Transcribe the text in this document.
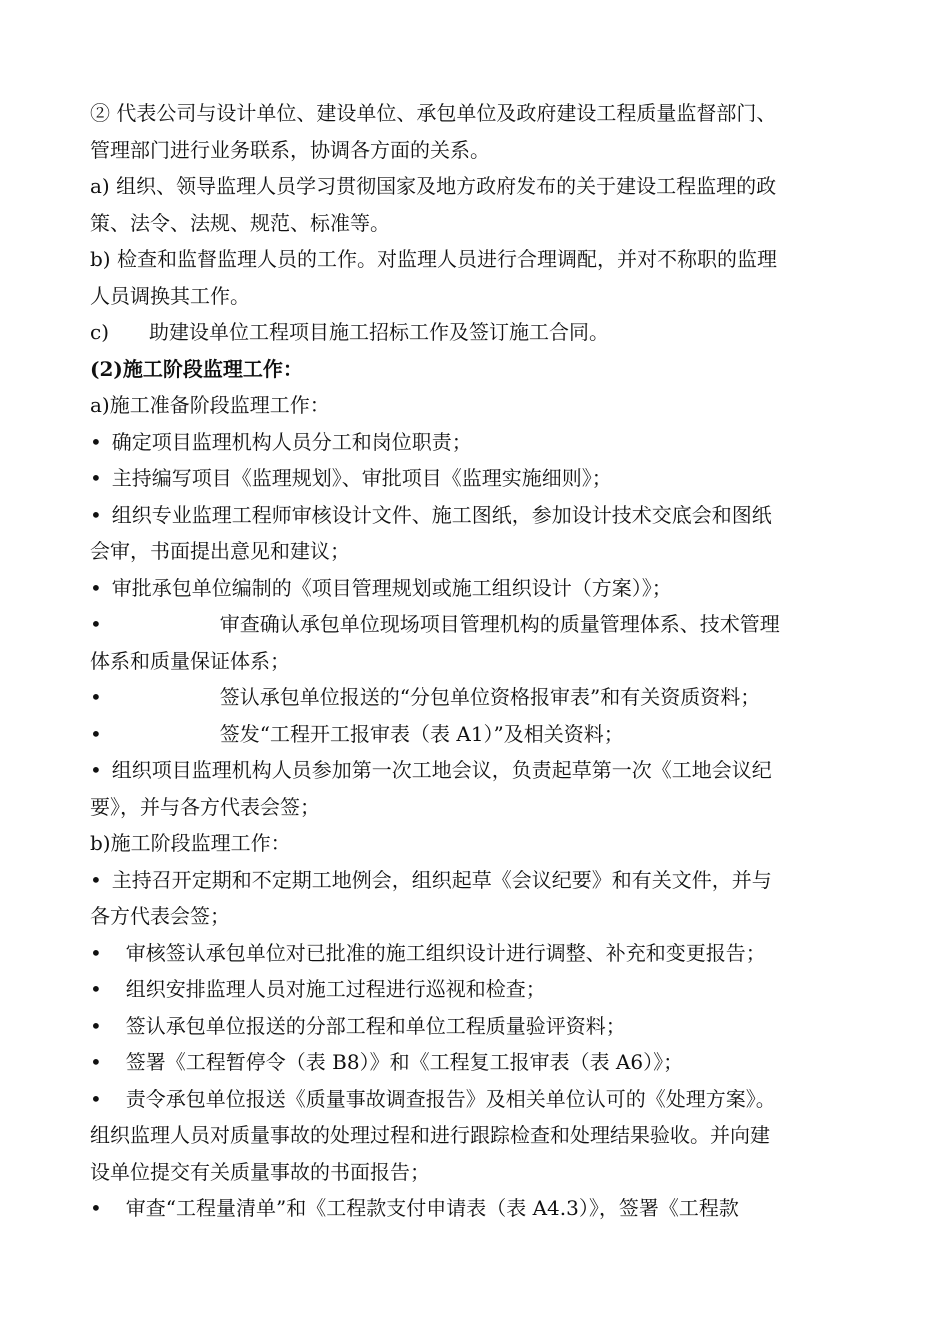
② 代表公司与设计单位、建设单位、承包单位及政府建设工程质量监督部门、
管理部门进行业务联系，协调各方面的关系。
a) 组织、领导监理人员学习贯彻国家及地方政府发布的关于建设工程监理的政
策、法令、法规、规范、标准等。
b) 检查和监督监理人员的工作。对监理人员进行合理调配，并对不称职的监理
人员调换其工作。
c) 助建设单位工程项目施工招标工作及签订施工合同。
(2)施工阶段监理工作：
a)施工准备阶段监理工作：
• 确定项目监理机构人员分工和岗位职责；
• 主持编写项目《监理规划》、审批项目《监理实施细则》；
• 组织专业监理工程师审核设计文件、施工图纸，参加设计技术交底会和图纸
会审，书面提出意见和建议；
• 审批承包单位编制的《项目管理规划或施工组织设计（方案）》；
•	审查确认承包单位现场项目管理机构的质量管理体系、技术管理
体系和质量保证体系；
•	签认承包单位报送的“分包单位资格报审表”和有关资质资料；
•	签发“工程开工报审表（表 A1）”及相关资料；
• 组织项目监理机构人员参加第一次工地会议，负责起草第一次《工地会议纪
要》，并与各方代表会签；
b)施工阶段监理工作：
• 主持召开定期和不定期工地例会，组织起草《会议纪要》和有关文件，并与
各方代表会签；
• 审核签认承包单位对已批准的施工组织设计进行调整、补充和变更报告；
• 组织安排监理人员对施工过程进行巡视和检查；
• 签认承包单位报送的分部工程和单位工程质量验评资料；
• 签署《工程暂停令（表 B8）》和《工程复工报审表（表 A6）》；
• 责令承包单位报送《质量事故调查报告》及相关单位认可的《处理方案》。
组织监理人员对质量事故的处理过程和进行跟踪检查和处理结果验收。并向建
设单位提交有关质量事故的书面报告；
• 审查“工程量清单”和《工程款支付申请表（表 A4.3）》，签署《工程款
